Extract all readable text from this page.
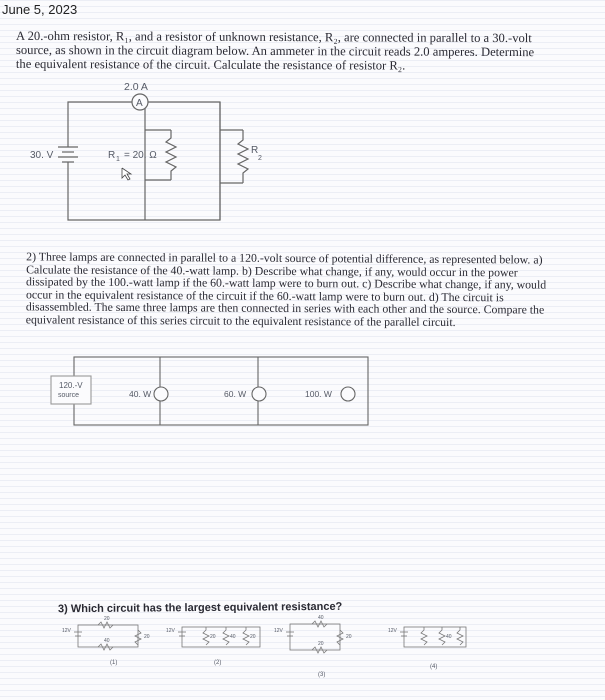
June 5, 2023
A 20.-ohm resistor, R₁, and a resistor of unknown resistance, R₂, are connected in parallel to a 30.-volt source, as shown in the circuit diagram below. An ammeter in the circuit reads 2.0 amperes. Determine the equivalent resistance of the circuit. Calculate the resistance of resistor R₂.
2) Three lamps are connected in parallel to a 120.-volt source of potential difference, as represented below. a) Calculate the resistance of the 40.-watt lamp. b) Describe what change, if any, would occur in the power dissipated by the 100.-watt lamp if the 60.-watt lamp were to burn out. c) Describe what change, if any, would occur in the equivalent resistance of the circuit if the 60.-watt lamp were to burn out. d) The circuit is disassembled. The same three lamps are then connected in series with each other and the source. Compare the equivalent resistance of this series circuit to the equivalent resistance of the parallel circuit.
3) Which circuit has the largest equivalent resistance?
A
2.0 A
30. V	R 1 = 20. Ω	R
2
120.-V
source	40. W	60. W	100. W
12V
20
40
20
12V
20	40	20
12V
40
20
20
12V
40
(1)	(2)
(3)
(4)
